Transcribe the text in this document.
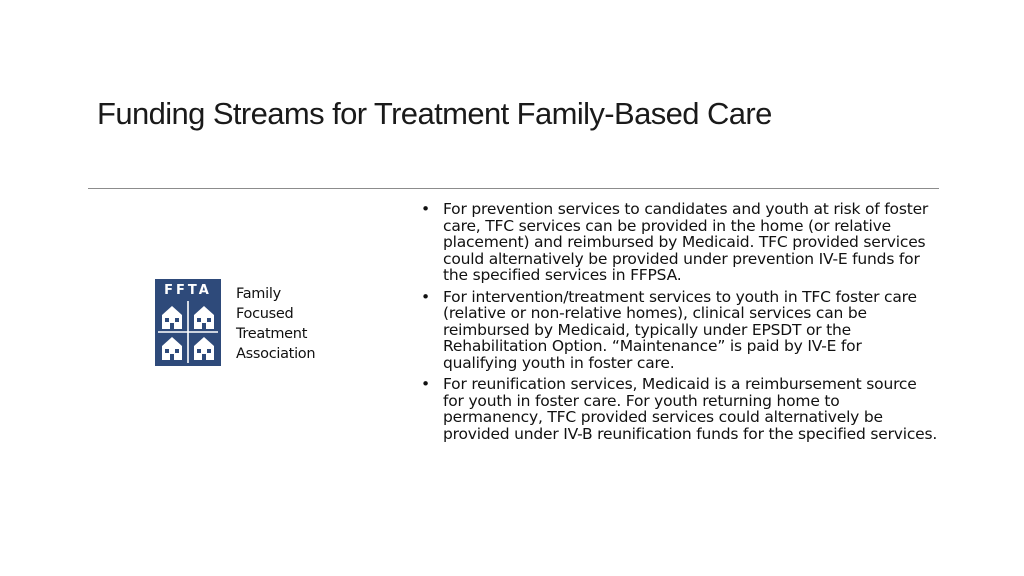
Funding Streams for Treatment Family-Based Care
FFTA	Family
Focused
Treatment
Association
• For prevention services to candidates and youth at risk of foster care, TFC services can be provided in the home (or relative placement) and reimbursed by Medicaid. TFC provided services could alternatively be provided under prevention IV-E funds for the specified services in FFPSA.
• For intervention/treatment services to youth in TFC foster care (relative or non-relative homes), clinical services can be reimbursed by Medicaid, typically under EPSDT or the Rehabilitation Option. “Maintenance” is paid by IV-E for qualifying youth in foster care.
• For reunification services, Medicaid is a reimbursement source for youth in foster care. For youth returning home to permanency, TFC provided services could alternatively be provided under IV-B reunification funds for the specified services.
